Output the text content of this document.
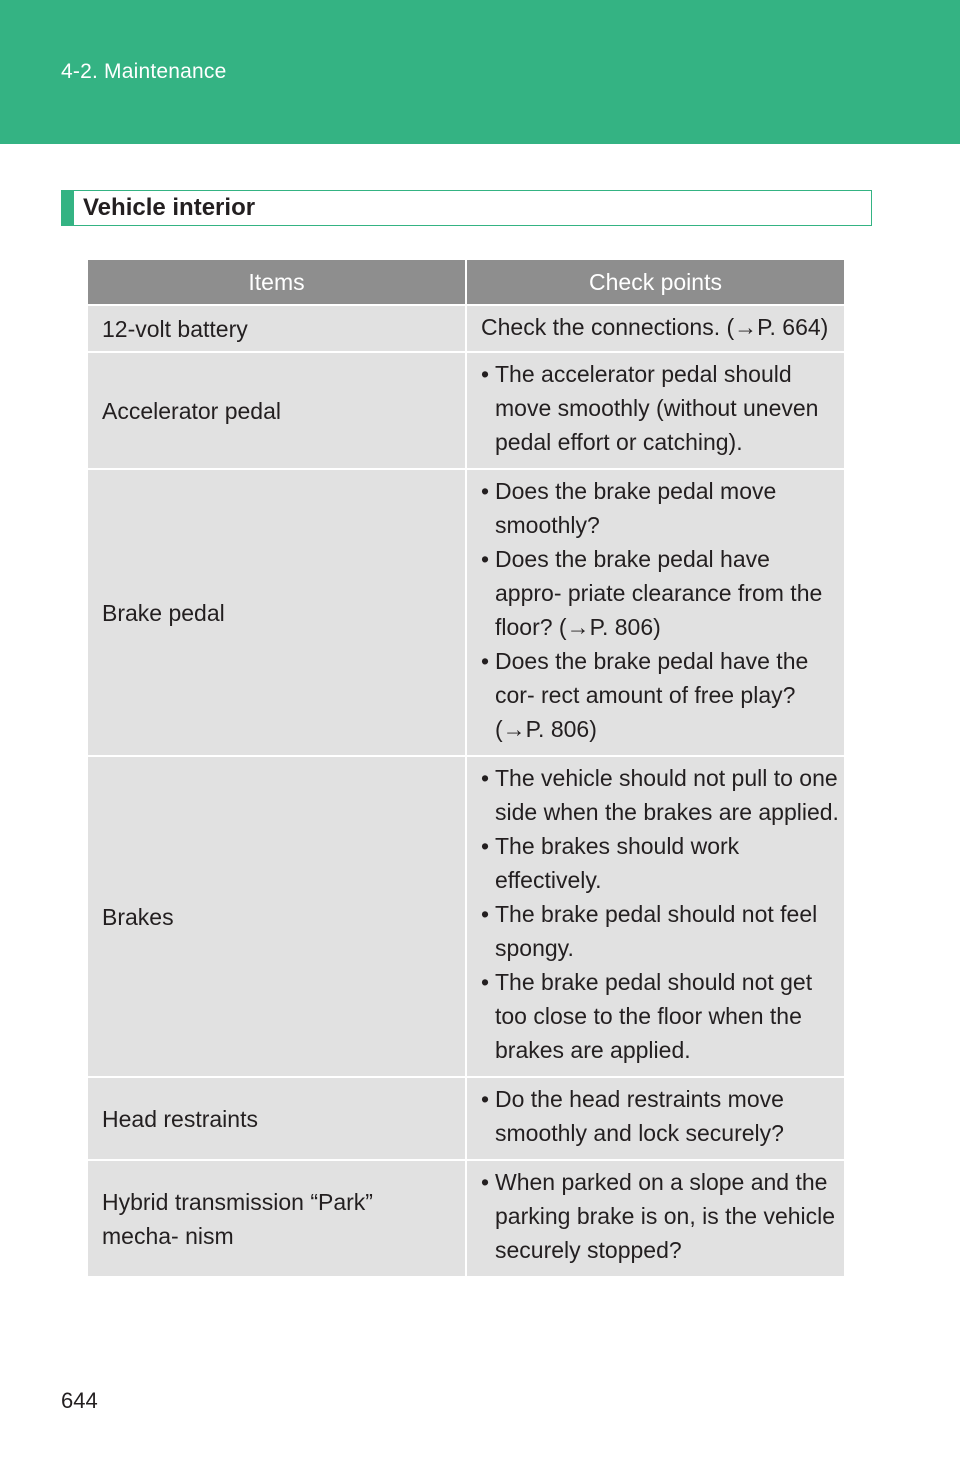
4-2. Maintenance
Vehicle interior
Items	Check points
12-volt battery	Check the connections. (→P. 664)

Accelerator pedal	• The accelerator pedal should move smoothly (without uneven pedal effort or catching).

Brake pedal	• Does the brake pedal move smoothly?
• Does the brake pedal have appro- priate clearance from the floor? (→P. 806)
• Does the brake pedal have the cor- rect amount of free play? (→P. 806)

Brakes	• The vehicle should not pull to one side when the brakes are applied.
• The brakes should work effectively.
• The brake pedal should not feel spongy.
• The brake pedal should not get too close to the floor when the brakes are applied.

Head restraints	• Do the head restraints move smoothly and lock securely?

Hybrid transmission “Park” mecha- nism	• When parked on a slope and the parking brake is on, is the vehicle securely stopped?
644
